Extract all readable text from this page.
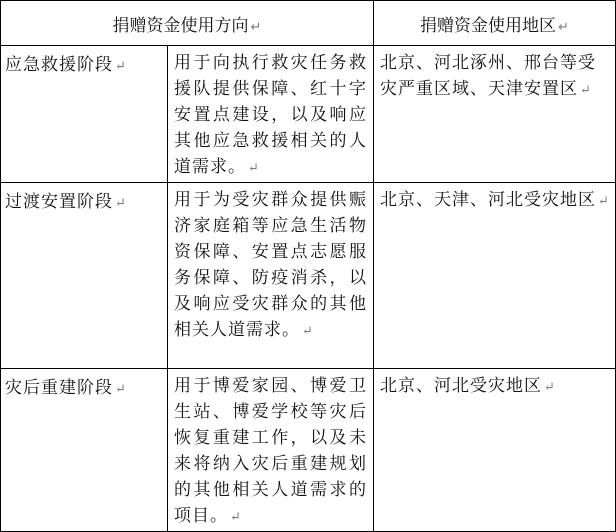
捐赠资金使用方向 ↵		捐赠资金使用地区 ↵
应急救援阶段 ↵	用于向执行救灾任务救援队提供保障、红十字安置点建设，以及响应其他应急救援相关的人道需求。 ↵	北京、河北涿州、邢台等受灾严重区域、天津安置区 ↵
过渡安置阶段 ↵	用于为受灾群众提供赈济家庭箱等应急生活物资保障、安置点志愿服务保障、防疫消杀，以及响应受灾群众的其他相关人道需求。 ↵	北京、天津、河北受灾地区 ↵
灾后重建阶段 ↵	用于博爱家园、博爱卫生站、博爱学校等灾后恢复重建工作，以及未来将纳入灾后重建规划的其他相关人道需求的项目。 ↵	北京、河北受灾地区 ↵
